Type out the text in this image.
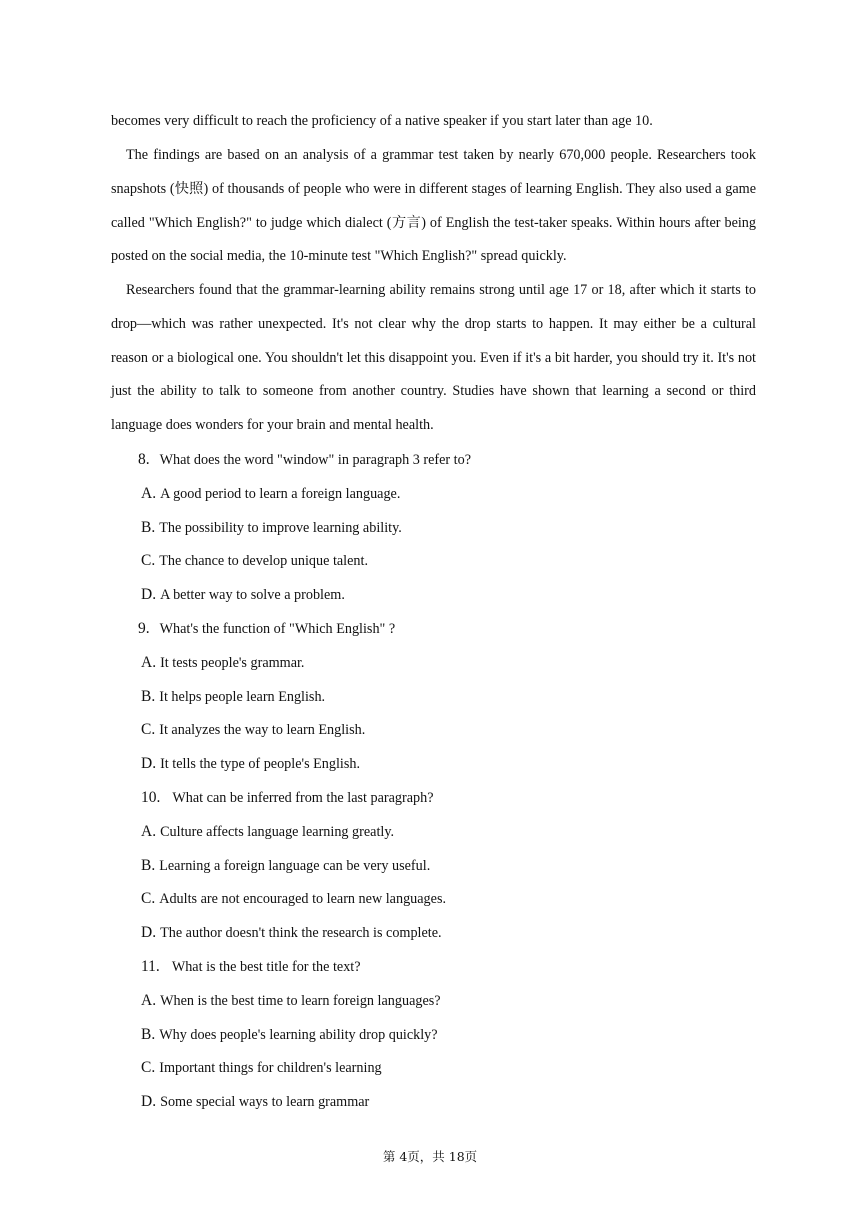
becomes very difficult to reach the proficiency of a native speaker if you start later than age 10.

The findings are based on an analysis of a grammar test taken by nearly 670,000 people. Researchers took snapshots (快照) of thousands of people who were in different stages of learning English. They also used a game called "Which English?" to judge which dialect (方言) of English the test-taker speaks. Within hours after being posted on the social media, the 10-minute test "Which English?" spread quickly.

Researchers found that the grammar-learning ability remains strong until age 17 or 18, after which it starts to drop—which was rather unexpected. It's not clear why the drop starts to happen. It may either be a cultural reason or a biological one. You shouldn't let this disappoint you. Even if it's a bit harder, you should try it. It's not just the ability to talk to someone from another country. Studies have shown that learning a second or third language does wonders for your brain and mental health.

8. What does the word "window" in paragraph 3 refer to?
A. A good period to learn a foreign language.
B. The possibility to improve learning ability.
C. The chance to develop unique talent.
D. A better way to solve a problem.
9. What's the function of "Which English" ?
A. It tests people's grammar.
B. It helps people learn English.
C. It analyzes the way to learn English.
D. It tells the type of people's English.
10. What can be inferred from the last paragraph?
A. Culture affects language learning greatly.
B. Learning a foreign language can be very useful.
C. Adults are not encouraged to learn new languages.
D. The author doesn't think the research is complete.
11. What is the best title for the text?
A. When is the best time to learn foreign languages?
B. Why does people's learning ability drop quickly?
C. Important things for children's learning
D. Some special ways to learn grammar
第 4页，共 18页
